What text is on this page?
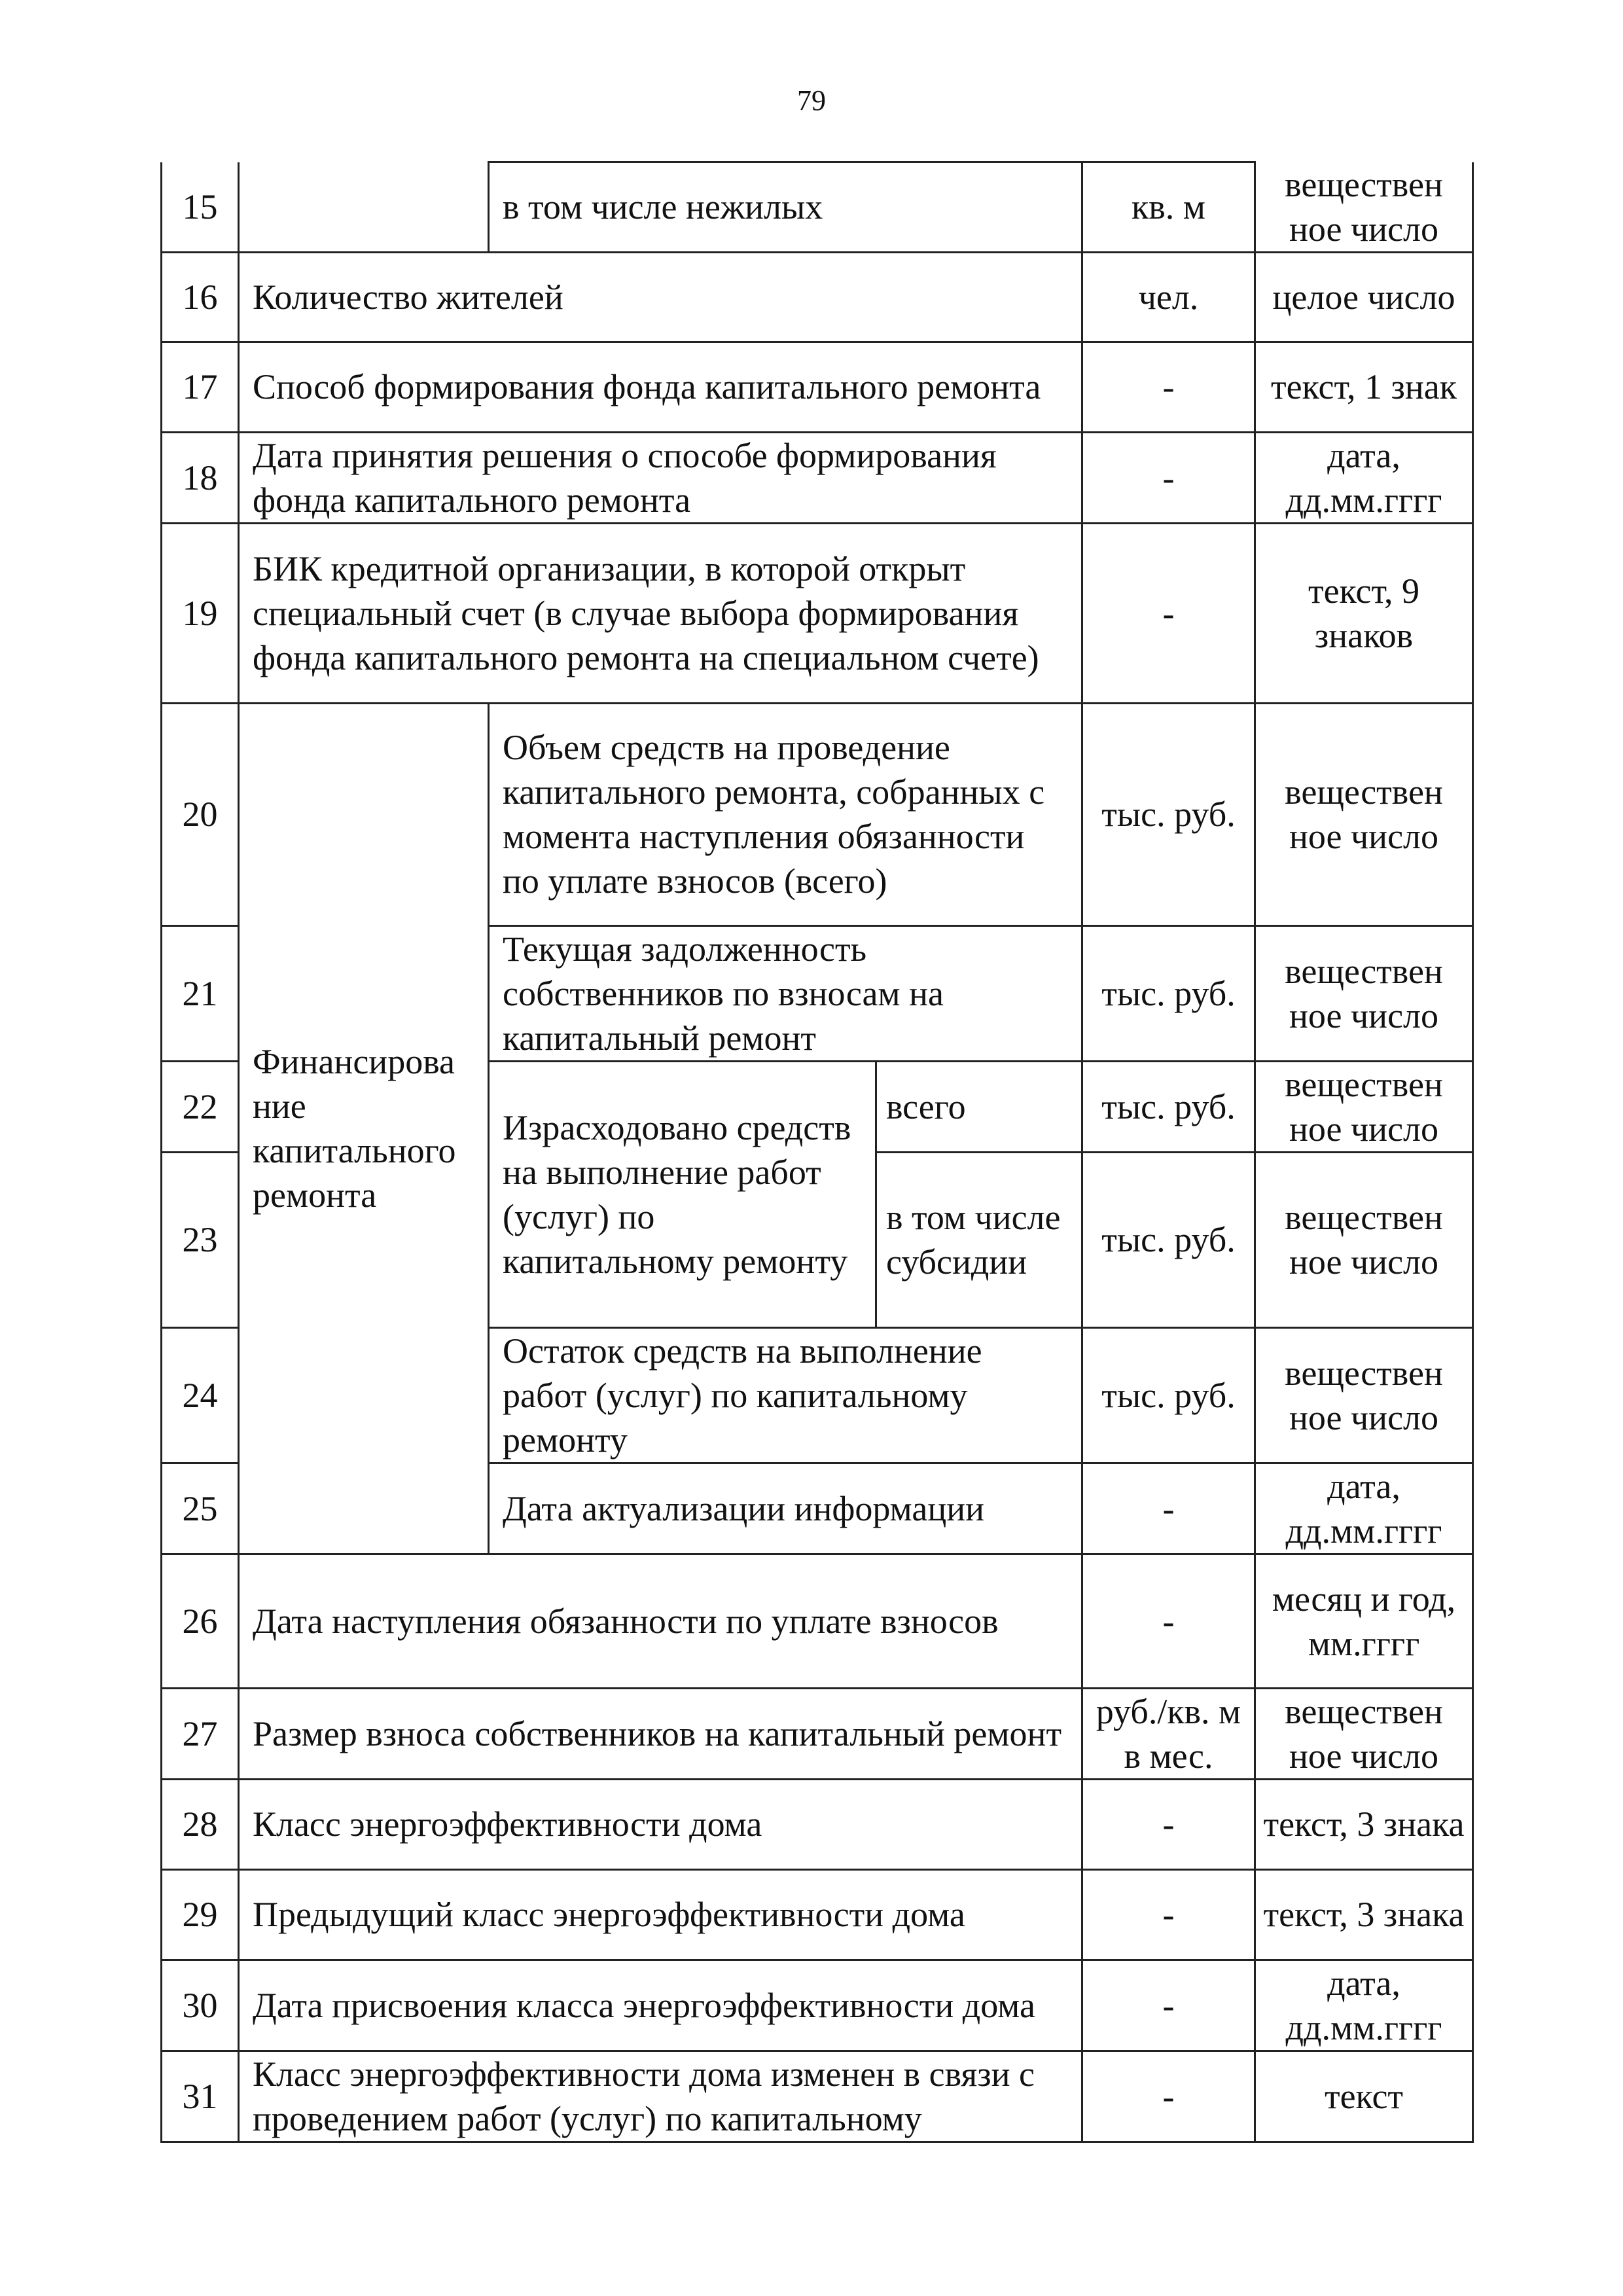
79
15		в том числе нежилых		кв. м	веществен ное число
16	Количество жителей			чел.	целое число
17	Способ формирования фонда капитального ремонта			-	текст, 1 знак
18	Дата принятия решения о способе формирования фонда капитального ремонта			-	дата, дд.мм.гггг
19	БИК кредитной организации, в которой открыт специальный счет (в случае выбора формирования фонда капитального ремонта на специальном счете)			-	текст, 9 знаков
20	Финансирова ние капитального ремонта	Объем средств на проведение капитального ремонта, собранных с момента наступления обязанности по уплате взносов (всего)		тыс. руб.	веществен ное число
21		Текущая задолженность собственников по взносам на капитальный ремонт		тыс. руб.	веществен ное число
22		Израсходовано средств на выполнение работ (услуг) по капитальному ремонту	всего	тыс. руб.	веществен ное число
23			в том числе субсидии	тыс. руб.	веществен ное число
24		Остаток средств на выполнение работ (услуг) по капитальному ремонту		тыс. руб.	веществен ное число
25		Дата актуализации информации		-	дата, дд.мм.гггг
26	Дата наступления обязанности по уплате взносов			-	месяц и год, мм.гггг
27	Размер взноса собственников на капитальный ремонт			руб./кв. м в мес.	веществен ное число
28	Класс энергоэффективности дома			-	текст, 3 знака
29	Предыдущий класс энергоэффективности дома			-	текст, 3 знака
30	Дата присвоения класса энергоэффективности дома			-	дата, дд.мм.гггг
31	Класс энергоэффективности дома изменен в связи с проведением работ (услуг) по капитальному			-	текст
